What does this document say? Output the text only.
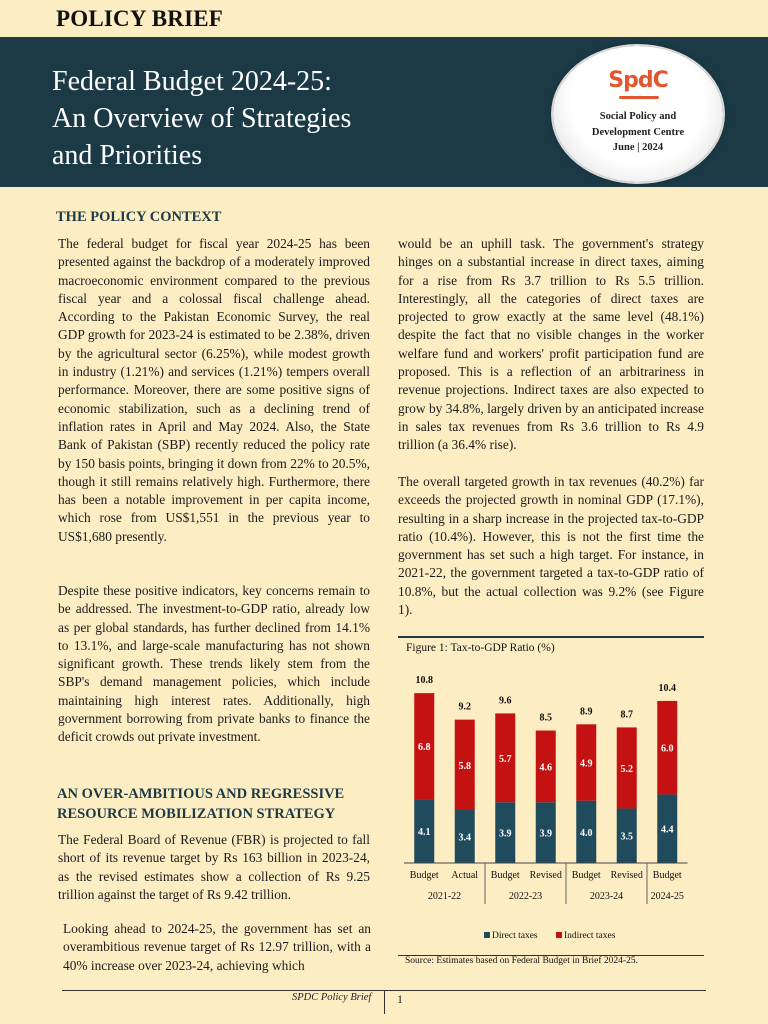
POLICY BRIEF
Federal Budget 2024-25:
An Overview of Strategies
and Priorities
SpdC
Social Policy and
Development Centre
June | 2024
THE POLICY CONTEXT
The federal budget for fiscal year 2024-25 has been presented against the backdrop of a moderately improved macroeconomic environment compared to the previous fiscal year and a colossal fiscal challenge ahead. According to the Pakistan Economic Survey, the real GDP growth for 2023-24 is estimated to be 2.38%, driven by the agricultural sector (6.25%), while modest growth in industry (1.21%) and services (1.21%) tempers overall performance. Moreover, there are some positive signs of economic stabilization, such as a declining trend of inflation rates in April and May 2024. Also, the State Bank of Pakistan (SBP) recently reduced the policy rate by 150 basis points, bringing it down from 22% to 20.5%, though it still remains relatively high. Furthermore, there has been a notable improvement in per capita income, which rose from US$1,551 in the previous year to US$1,680 presently.
Despite these positive indicators, key concerns remain to be addressed. The investment-to-GDP ratio, already low as per global standards, has further declined from 14.1% to 13.1%, and large-scale manufacturing has not shown significant growth. These trends likely stem from the SBP's demand management policies, which include maintaining high interest rates. Additionally, high government borrowing from private banks to finance the deficit crowds out private investment.
AN OVER-AMBITIOUS AND REGRESSIVE
RESOURCE MOBILIZATION STRATEGY
The Federal Board of Revenue (FBR) is projected to fall short of its revenue target by Rs 163 billion in 2023-24, as the revised estimates show a collection of Rs 9.25 trillion against the target of Rs 9.42 trillion.
Looking ahead to 2024-25, the government has set an overambitious revenue target of Rs 12.97 trillion, with a 40% increase over 2023-24, achieving which
would be an uphill task. The government's strategy hinges on a substantial increase in direct taxes, aiming for a rise from Rs 3.7 trillion to Rs 5.5 trillion. Interestingly, all the categories of direct taxes are projected to grow exactly at the same level (48.1%) despite the fact that no visible changes in the worker welfare fund and workers' profit participation fund are proposed. This is a reflection of an arbitrariness in revenue projections. Indirect taxes are also expected to grow by 34.8%, largely driven by an anticipated increase in sales tax revenues from Rs 3.6 trillion to Rs 4.9 trillion (a 36.4% rise).
The overall targeted growth in tax revenues (40.2%) far exceeds the projected growth in nominal GDP (17.1%), resulting in a sharp increase in the projected tax-to-GDP ratio (10.4%). However, this is not the first time the government has set such a high target. For instance, in 2021-22, the government targeted a tax-to-GDP ratio of 10.8%, but the actual collection was 9.2% (see Figure 1).
Figure 1: Tax-to-GDP Ratio (%)
4.1
6.8
10.8
Budget
3.4
5.8
9.2
Actual
3.9
5.7
9.6
Budget
3.9
4.6
8.5
Revised
4.0
4.9
8.9
Budget
3.5
5.2
8.7
Revised
4.4
6.0
10.4
Budget
2021-22	2022-23	2023-24	2024-25
Direct taxes	Indirect taxes
Source: Estimates based on Federal Budget in Brief 2024-25.
SPDC Policy Brief 1
